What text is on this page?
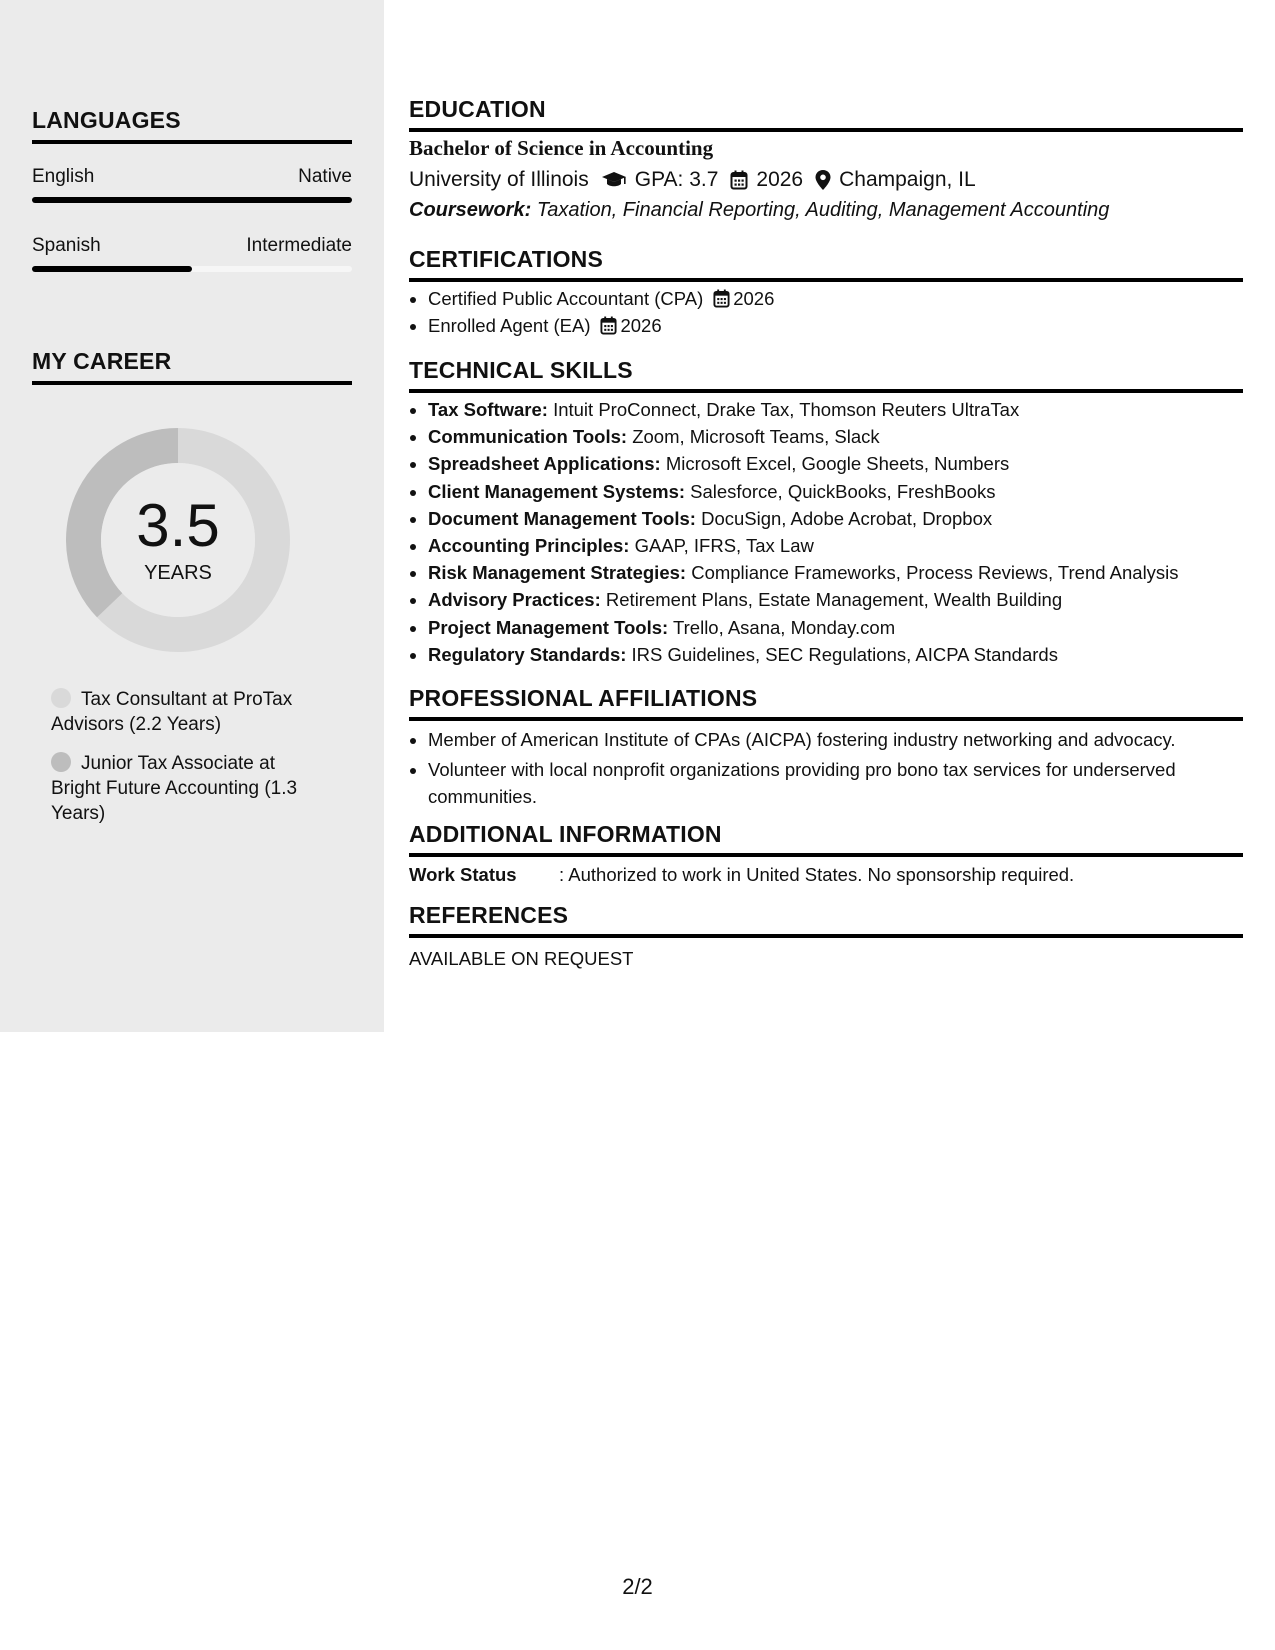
LANGUAGES
English	Native
Spanish	Intermediate
MY CAREER
3.5
YEARS
Tax Consultant at ProTax Advisors (2.2 Years)
Junior Tax Associate at Bright Future Accounting (1.3 Years)
EDUCATION
Bachelor of Science in Accounting
University of Illinois GPA: 3.7 2026 Champaign, IL
Coursework: Taxation, Financial Reporting, Auditing, Management Accounting
CERTIFICATIONS
• Certified Public Accountant (CPA) 2026
• Enrolled Agent (EA) 2026
TECHNICAL SKILLS
• Tax Software: Intuit ProConnect, Drake Tax, Thomson Reuters UltraTax
• Communication Tools: Zoom, Microsoft Teams, Slack
• Spreadsheet Applications: Microsoft Excel, Google Sheets, Numbers
• Client Management Systems: Salesforce, QuickBooks, FreshBooks
• Document Management Tools: DocuSign, Adobe Acrobat, Dropbox
• Accounting Principles: GAAP, IFRS, Tax Law
• Risk Management Strategies: Compliance Frameworks, Process Reviews, Trend Analysis
• Advisory Practices: Retirement Plans, Estate Management, Wealth Building
• Project Management Tools: Trello, Asana, Monday.com
• Regulatory Standards: IRS Guidelines, SEC Regulations, AICPA Standards
PROFESSIONAL AFFILIATIONS
• Member of American Institute of CPAs (AICPA) fostering industry networking and advocacy.
• Volunteer with local nonprofit organizations providing pro bono tax services for underserved communities.
ADDITIONAL INFORMATION
Work Status : Authorized to work in United States. No sponsorship required.
REFERENCES
AVAILABLE ON REQUEST
2/2
